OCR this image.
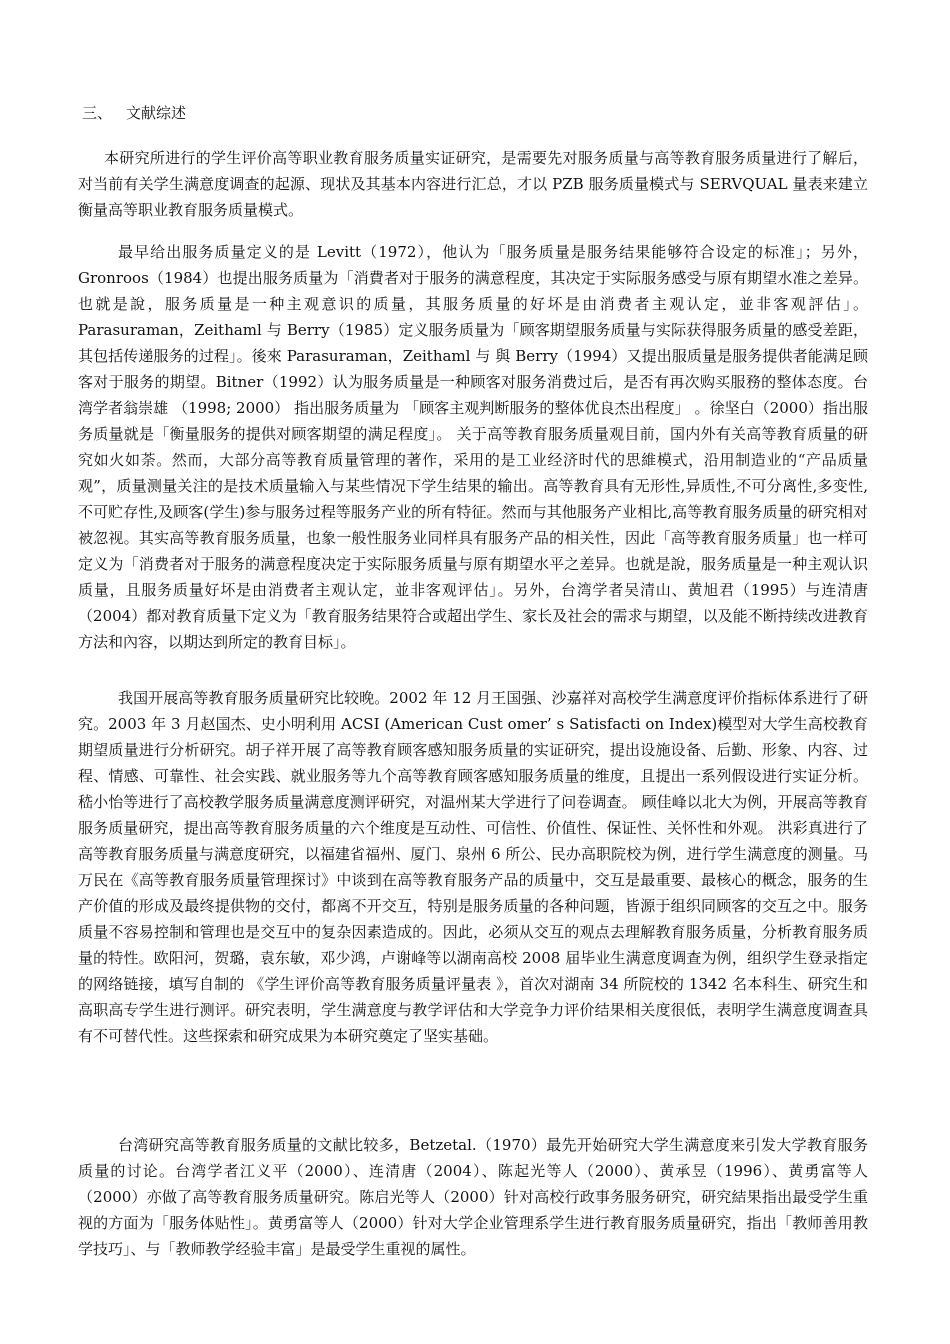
三、 文献综述

本研究所进行的学生评价高等职业教育服务质量实证研究，是需要先对服务质量与高等教育服务质量进行了解后，对当前有关学生满意度调查的起源、现状及其基本内容进行汇总，才以 PZB 服务质量模式与 SERVQUAL 量表来建立衡量高等职业教育服务质量模式。

最早给出服务质量定义的是 Levitt（1972），他认为「服务质量是服务结果能够符合设定的标准」；另外，Gronroos（1984）也提出服务质量为「消費者对于服务的满意程度，其决定于实际服务感受与原有期望水准之差异。也就是說，服务质量是一种主观意识的质量，其服务质量的好坏是由消费者主观认定，並非客观評估」。Parasuraman，Zeithaml 与 Berry（1985）定义服务质量为「顾客期望服务质量与实际获得服务质量的感受差距，其包括传递服务的过程」。後來 Parasuraman，Zeithaml 与 與 Berry（1994）又提出服质量是服务提供者能满足顾客对于服务的期望。Bitner（1992）认为服务质量是一种顾客对服务消费过后，是否有再次购买服務的整体态度。台湾学者翁崇雄 （1998; 2000） 指出服务质量为 「顾客主观判断服务的整体优良杰出程度」 。徐坚白（2000）指出服务质量就是「衡量服务的提供对顾客期望的满足程度」。 关于高等教育服务质量观目前，国内外有关高等教育质量的研究如火如荼。然而，大部分高等教育质量管理的著作，采用的是工业经济时代的思維模式，沿用制造业的“产品质量观”，质量测量关注的是技术质量输入与某些情况下学生结果的输出。高等教育具有无形性,异质性,不可分离性,多变性,不可贮存性,及顾客(学生)参与服务过程等服务产业的所有特征。然而与其他服务产业相比,高等教育服务质量的研究相对被忽视。其实高等教育服务质量，也象一般性服务业同样具有服务产品的相关性，因此「高等教育服务质量」也一样可定义为「消费者对于服务的满意程度决定于实际服务质量与原有期望水平之差异。也就是說，服务质量是一种主观认识质量，且服务质量好坏是由消费者主观认定，並非客观评估」。另外，台湾学者吴清山、黄旭君（1995）与连清唐（2004）都对教育质量下定义为「教育服务结果符合或超出学生、家长及社会的需求与期望，以及能不断持续改进教育方法和內容，以期达到所定的教育目标」。

我国开展高等教育服务质量研究比较晚。2002 年 12 月王国强、沙嘉祥对高校学生满意度评价指标体系进行了研究。2003 年 3 月赵国杰、史小明利用 ACSI (American Cust omer’ s Satisfacti on Index)模型对大学生高校教育期望质量进行分析研究。胡子祥开展了高等教育顾客感知服务质量的实证研究，提出设施设备、后勤、形象、内容、过程、情感、可靠性、社会实践、就业服务等九个高等教育顾客感知服务质量的维度，且提出一系列假设进行实证分析。 嵇小怡等进行了高校教学服务质量满意度测评研究，对温州某大学进行了问卷调查。 顾佳峰以北大为例，开展高等教育服务质量研究，提出高等教育服务质量的六个维度是互动性、可信性、价值性、保证性、关怀性和外观。 洪彩真进行了高等教育服务质量与满意度研究，以福建省福州、厦门、泉州 6 所公、民办高职院校为例，进行学生满意度的测量。马万民在《高等教育服务质量管理探讨》中谈到在高等教育服务产品的质量中，交互是最重要、最核心的概念，服务的生产价值的形成及最终提供物的交付，都离不开交互，特别是服务质量的各种问题，皆源于组织同顾客的交互之中。服务质量不容易控制和管理也是交互中的复杂因素造成的。因此，必须从交互的观点去理解教育服务质量，分析教育服务质量的特性。欧阳河，贺璐，袁东敏，邓少鸿，卢谢峰等以湖南高校 2008 届毕业生满意度调查为例，组织学生登录指定的网络链接，填写自制的 《学生评价高等教育服务质量评量表 》，首次对湖南 34 所院校的 1342 名本科生、研究生和高职高专学生进行测评。研究表明，学生满意度与教学评估和大学竞争力评价结果相关度很低，表明学生满意度调查具有不可替代性。这些探索和研究成果为本研究奠定了坚实基础。

台湾研究高等教育服务质量的文献比较多，Betzetal.（1970）最先开始研究大学生满意度来引发大学教育服务质量的讨论。台湾学者江义平（2000）、连清唐（2004）、陈起光等人（2000）、黄承昱（1996）、黄勇富等人（2000）亦做了高等教育服务质量研究。陈启光等人（2000）针对高校行政事务服务研究，研究結果指出最受学生重视的方面为「服务体贴性」。黄勇富等人（2000）针对大学企业管理系学生进行教育服务质量研究，指出「教师善用教学技巧」、与「教师教学经验丰富」是最受学生重视的属性。
